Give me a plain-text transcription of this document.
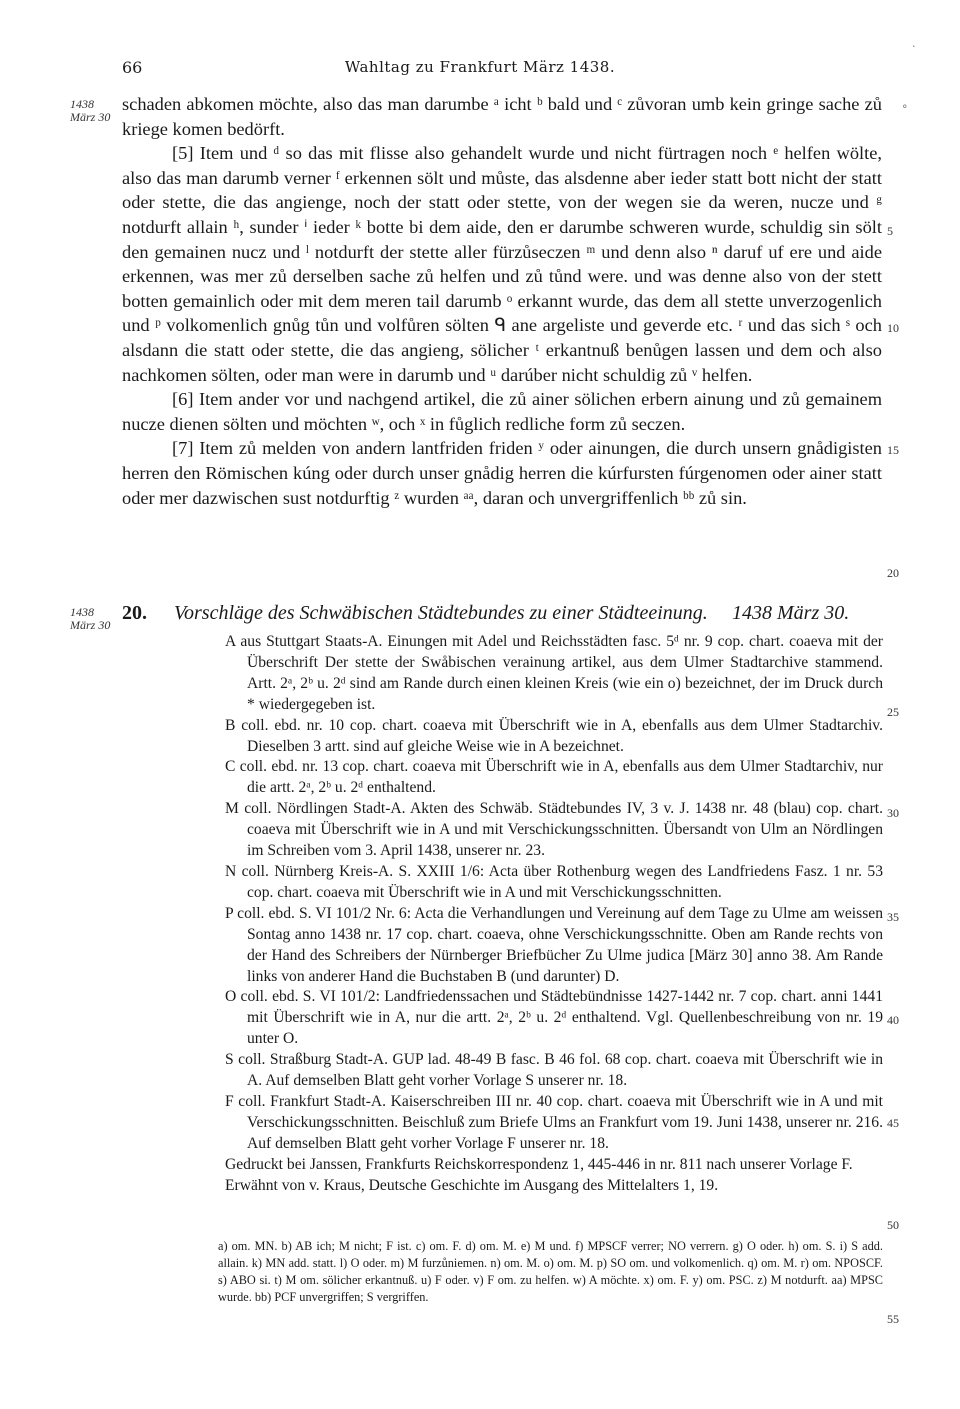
66	Wahltag zu Frankfurt März 1438.
1438
März 30

schaden abkomen möchte, also das man darumbe ᵃ icht ᵇ bald und ᶜ zůvoran umb kein gringe sache zů kriege komen bedörft.

[5] Item und ᵈ so das mit flisse also gehandelt wurde und nicht fürtragen noch ᵉ helfen wölte, also das man darumb verner ᶠ erkennen sölt und můste, das alsdenne aber ieder statt bott nicht der statt oder stette, die das angienge, noch der statt oder stette, von der wegen sie da weren, nucze und ᵍ notdurft allain ʰ, sunder ⁱ ieder ᵏ botte bi dem aide, den er darumbe schweren wurde, schuldig sin sölt den gemainen nucz und ˡ notdurft der stette aller fürzůseczen ᵐ und denn also ⁿ daruf uf ere und aide erkennen, was mer zů derselben sache zů helfen und zů tůnd were. und was denne also von der stett botten gemainlich oder mit dem meren tail darumb ᵒ erkannt wurde, das dem all stette unverzogenlich und ᵖ volkomenlich gnůg tůn und volfůren sölten ᑫ ane argeliste und geverde etc. ʳ und das sich ˢ och alsdann die statt oder stette, die das angieng, sölicher ᵗ erkantnuß benůgen lassen und dem och also nachkomen sölten, oder man were in darumb und ᵘ darúber nicht schuldig zů ᵛ helfen.

[6] Item ander vor und nachgend artikel, die zů ainer sölichen erbern ainung und zů gemainem nucze dienen sölten und möchten ʷ, och ˣ in fůglich redliche form zů seczen.

[7] Item zů melden von andern lantfriden friden ʸ oder ainungen, die durch unsern gnådigisten herren den Römischen kúng oder durch unser gnådig herren die kúrfursten fúrgenomen oder ainer statt oder mer dazwischen sust notdurftig ᶻ wurden ᵃᵃ, daran och unvergriffenlich ᵇᵇ zů sin.

5
10
15
20
1438
März 30
20. Vorschläge des Schwäbischen Städtebundes zu einer Städteeinung. 1438 März 30.

A aus Stuttgart Staats-A. Einungen mit Adel und Reichsstädten fasc. 5ᵈ nr. 9 cop. chart. coaeva mit der Überschrift Der stette der Swåbischen verainung artikel, aus dem Ulmer Stadtarchive stammend. Artt. 2ᵃ, 2ᵇ u. 2ᵈ sind am Rande durch einen kleinen Kreis (wie ein o) bezeichnet, der im Druck durch * wiedergegeben ist.

B coll. ebd. nr. 10 cop. chart. coaeva mit Überschrift wie in A, ebenfalls aus dem Ulmer Stadtarchiv. Dieselben 3 artt. sind auf gleiche Weise wie in A bezeichnet.

C coll. ebd. nr. 13 cop. chart. coaeva mit Überschrift wie in A, ebenfalls aus dem Ulmer Stadtarchiv, nur die artt. 2ᵃ, 2ᵇ u. 2ᵈ enthaltend.

M coll. Nördlingen Stadt-A. Akten des Schwäb. Städtebundes IV, 3 v. J. 1438 nr. 48 (blau) cop. chart. coaeva mit Überschrift wie in A und mit Verschickungsschnitten. Übersandt von Ulm an Nördlingen im Schreiben vom 3. April 1438, unserer nr. 23.

N coll. Nürnberg Kreis-A. S. XXIII 1/6: Acta über Rothenburg wegen des Landfriedens Fasz. 1 nr. 53 cop. chart. coaeva mit Überschrift wie in A und mit Verschickungsschnitten.

P coll. ebd. S. VI 101/2 Nr. 6: Acta die Verhandlungen und Vereinung auf dem Tage zu Ulme am weissen Sontag anno 1438 nr. 17 cop. chart. coaeva, ohne Verschickungsschnitte. Oben am Rande rechts von der Hand des Schreibers der Nürnberger Briefbücher Zu Ulme judica [März 30] anno 38. Am Rande links von anderer Hand die Buchstaben B (und darunter) D.

O coll. ebd. S. VI 101/2: Landfriedenssachen und Städtebündnisse 1427-1442 nr. 7 cop. chart. anni 1441 mit Überschrift wie in A, nur die artt. 2ᵃ, 2ᵇ u. 2ᵈ enthaltend. Vgl. Quellenbeschreibung von nr. 19 unter O.

S coll. Straßburg Stadt-A. GUP lad. 48-49 B fasc. B 46 fol. 68 cop. chart. coaeva mit Überschrift wie in A. Auf demselben Blatt geht vorher Vorlage S unserer nr. 18.

F coll. Frankfurt Stadt-A. Kaiserschreiben III nr. 40 cop. chart. coaeva mit Überschrift wie in A und mit Verschickungsschnitten. Beischluß zum Briefe Ulms an Frankfurt vom 19. Juni 1438, unserer nr. 216. Auf demselben Blatt geht vorher Vorlage F unserer nr. 18.

Gedruckt bei Janssen, Frankfurts Reichskorrespondenz 1, 445-446 in nr. 811 nach unserer Vorlage F.

Erwähnt von v. Kraus, Deutsche Geschichte im Ausgang des Mittelalters 1, 19.

25
30
35
40
45
50

a) om. MN. b) AB ich; M nicht; F ist. c) om. F. d) om. M. e) M und. f) MPSCF verrer; NO verrern. g) O oder. h) om. S. i) S add. allain. k) MN add. statt. l) O oder. m) M furzůniemen. n) om. M. o) om. M. p) SO om. und volkomenlich. q) om. M. r) om. NPOSCF. s) ABO si. t) M om. sölicher erkantnuß. u) F oder. v) F om. zu helfen. w) A möchte. x) om. F. y) om. PSC. z) M notdurft. aa) MPSC wurde. bb) PCF unvergriffen; S vergriffen.

55
·
°
